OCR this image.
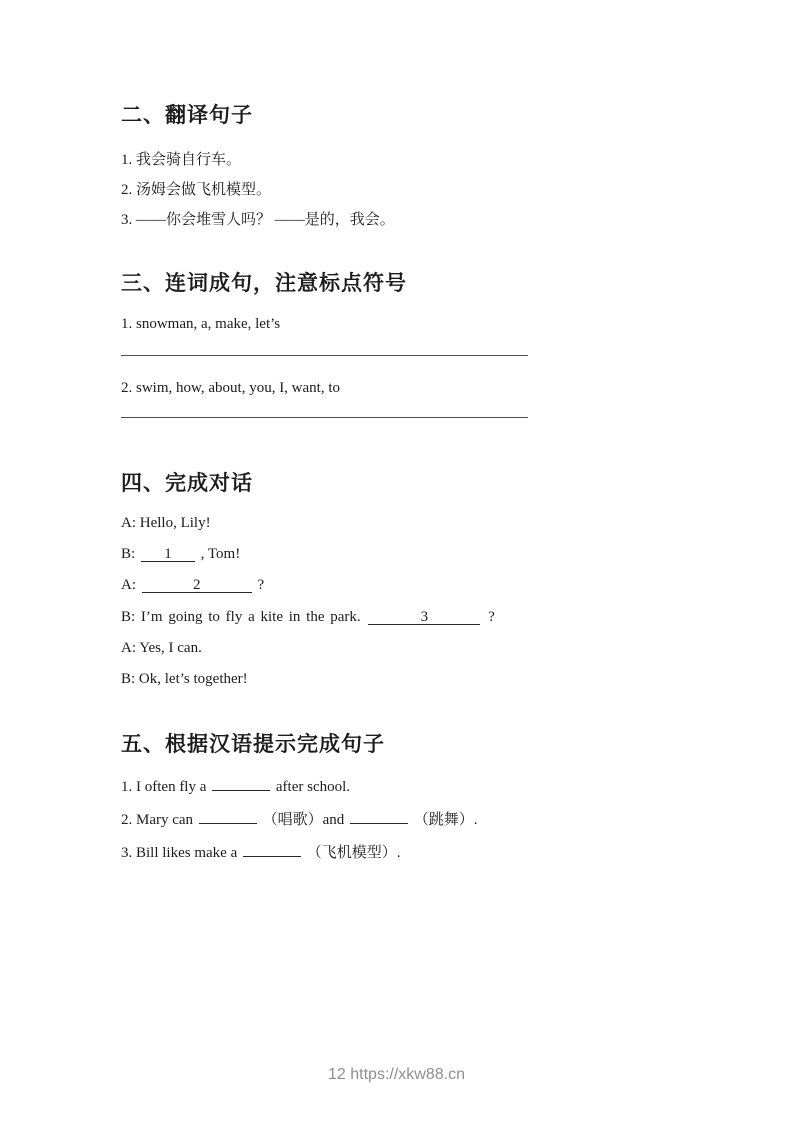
二、翻译句子

1. 我会骑自行车。

2. 汤姆会做飞机模型。

3. ——你会堆雪人吗？ ——是的，我会。

三、连词成句，注意标点符号

1. snowman, a, make, let’s

2. swim, how, about, you, I, want, to

四、完成对话

A: Hello, Lily!

B: 1 , Tom!

A:	2	?

B: I’m going to fly a kite in the park.	3	?

A: Yes, I can.

B: Ok, let’s together!

五、根据汉语提示完成句子

1. I often fly a	after school.

2. Mary can	（唱歌）and	（跳舞）.

3. Bill likes make a	（飞机模型）.

12 https://xkw88.cn
